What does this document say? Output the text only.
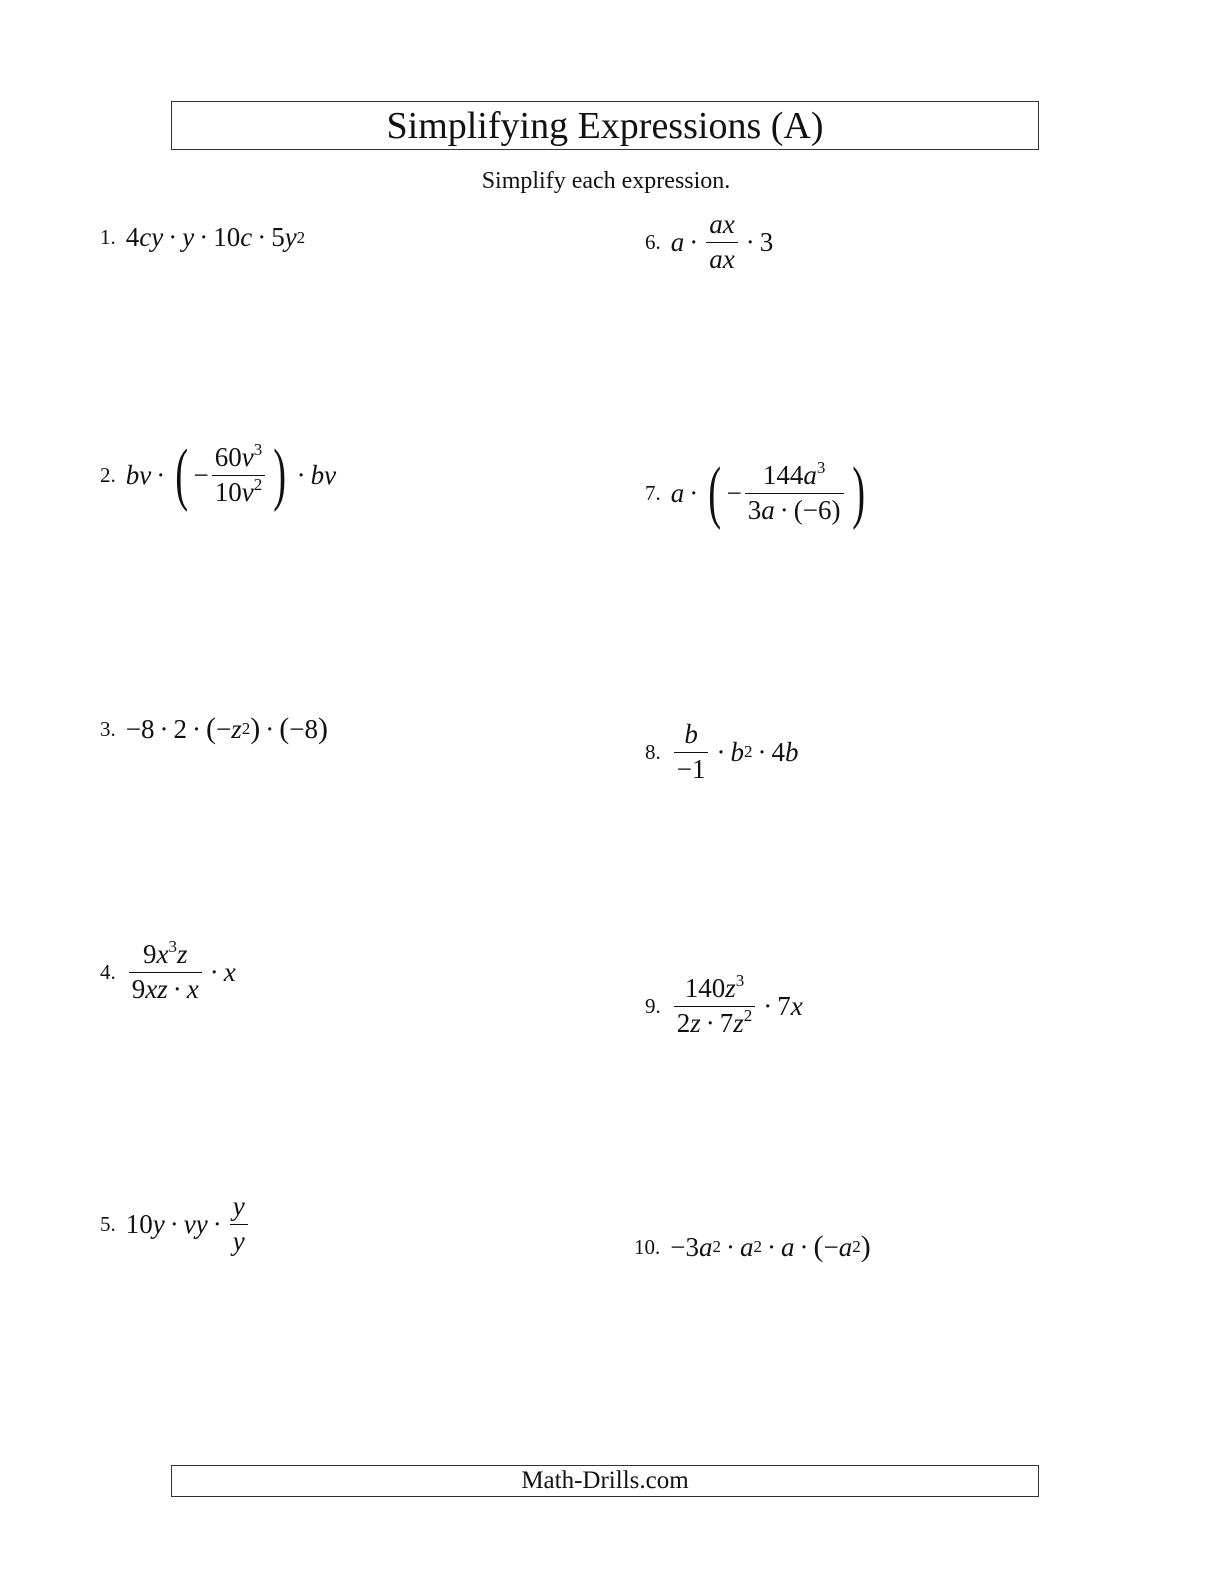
Simplifying Expressions (A)
Simplify each expression.
1. 4 cy · y · 10 c · 5 y 2
2. bv · ( − $\frac{60v^3}{10v^2}$ ) · bv
3. −8 · 2 · ( − z 2 ) · ( −8 )
4. $\frac{9x^3z}{9xz \cdot x} \cdot x$
5. 10 y · vy · $\frac{y}{y}$
6. $a \cdot \frac{ax}{ax} \cdot 3$
7. a · ( − $\frac{144a^3}{3a \cdot (-6)}$ )
8. $\frac{b}{-1} \cdot b$ 2 · 4 b
9. $\frac{140z^3}{2z \cdot 7z^2} \cdot 7$ x
10. −3 a 2 · a 2 · a · ( − a 2 )
Math-Drills.com
